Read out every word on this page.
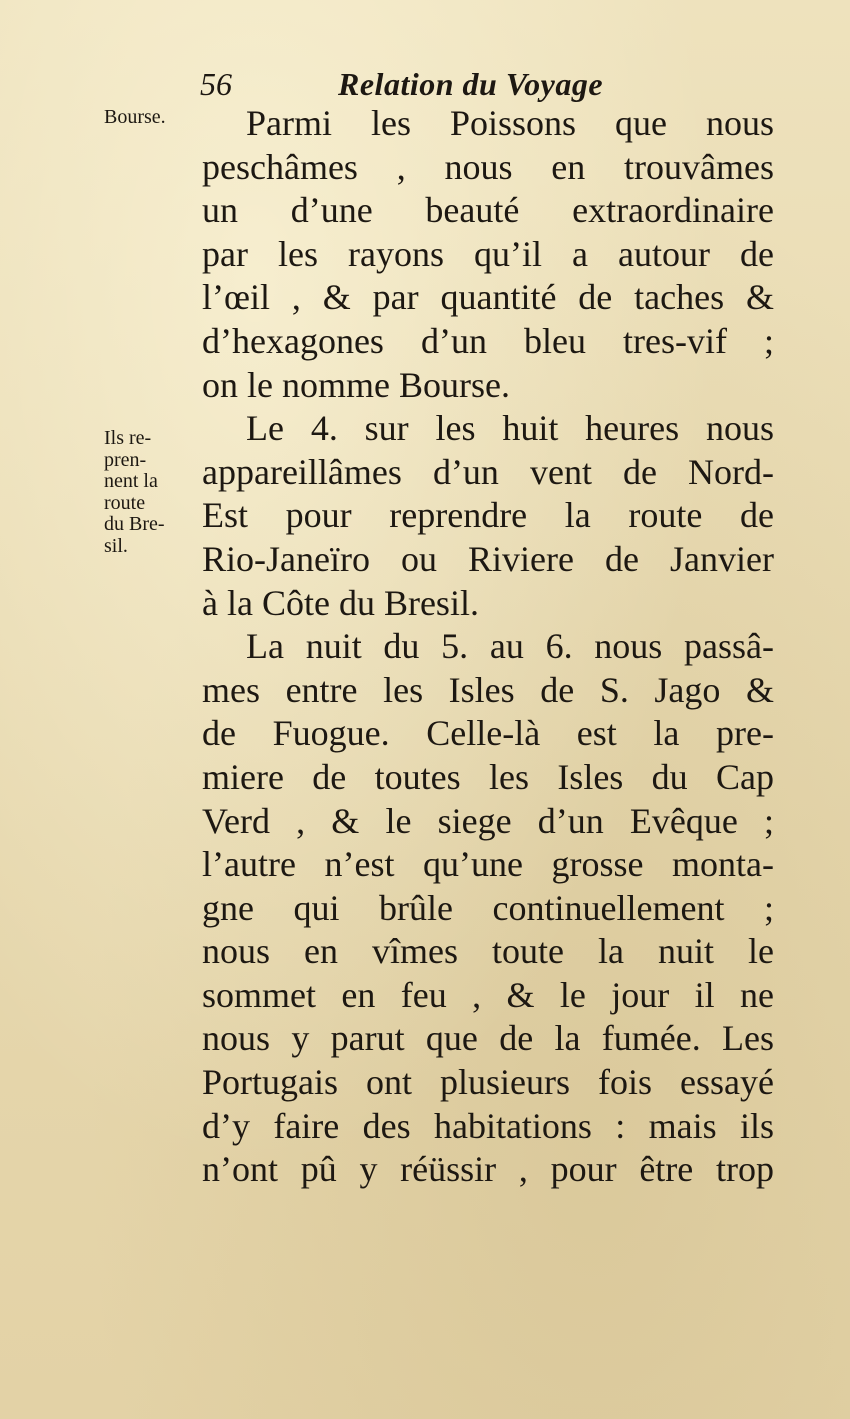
56	Relation du Voyage
Bourse.
Ils re-
pren-
nent la
route
du Bre-
sil.
Parmi les Poissons que nous
peschâmes , nous en trouvâmes
un d’une beauté extraordinaire
par les rayons qu’il a autour de
l’œil , & par quantité de taches &
d’hexagones d’un bleu tres-vif ;
on le nomme Bourse.
Le 4. sur les huit heures nous
appareillâmes d’un vent de Nord-
Est pour reprendre la route de
Rio-Janeïro ou Riviere de Janvier
à la Côte du Bresil.
La nuit du 5. au 6. nous passâ-
mes entre les Isles de S. Jago &
de Fuogue. Celle-là est la pre-
miere de toutes les Isles du Cap
Verd , & le siege d’un Evêque ;
l’autre n’est qu’une grosse monta-
gne qui brûle continuellement ;
nous en vîmes toute la nuit le
sommet en feu , & le jour il ne
nous y parut que de la fumée. Les
Portugais ont plusieurs fois essayé
d’y faire des habitations : mais ils
n’ont pû y réüssir , pour être trop
